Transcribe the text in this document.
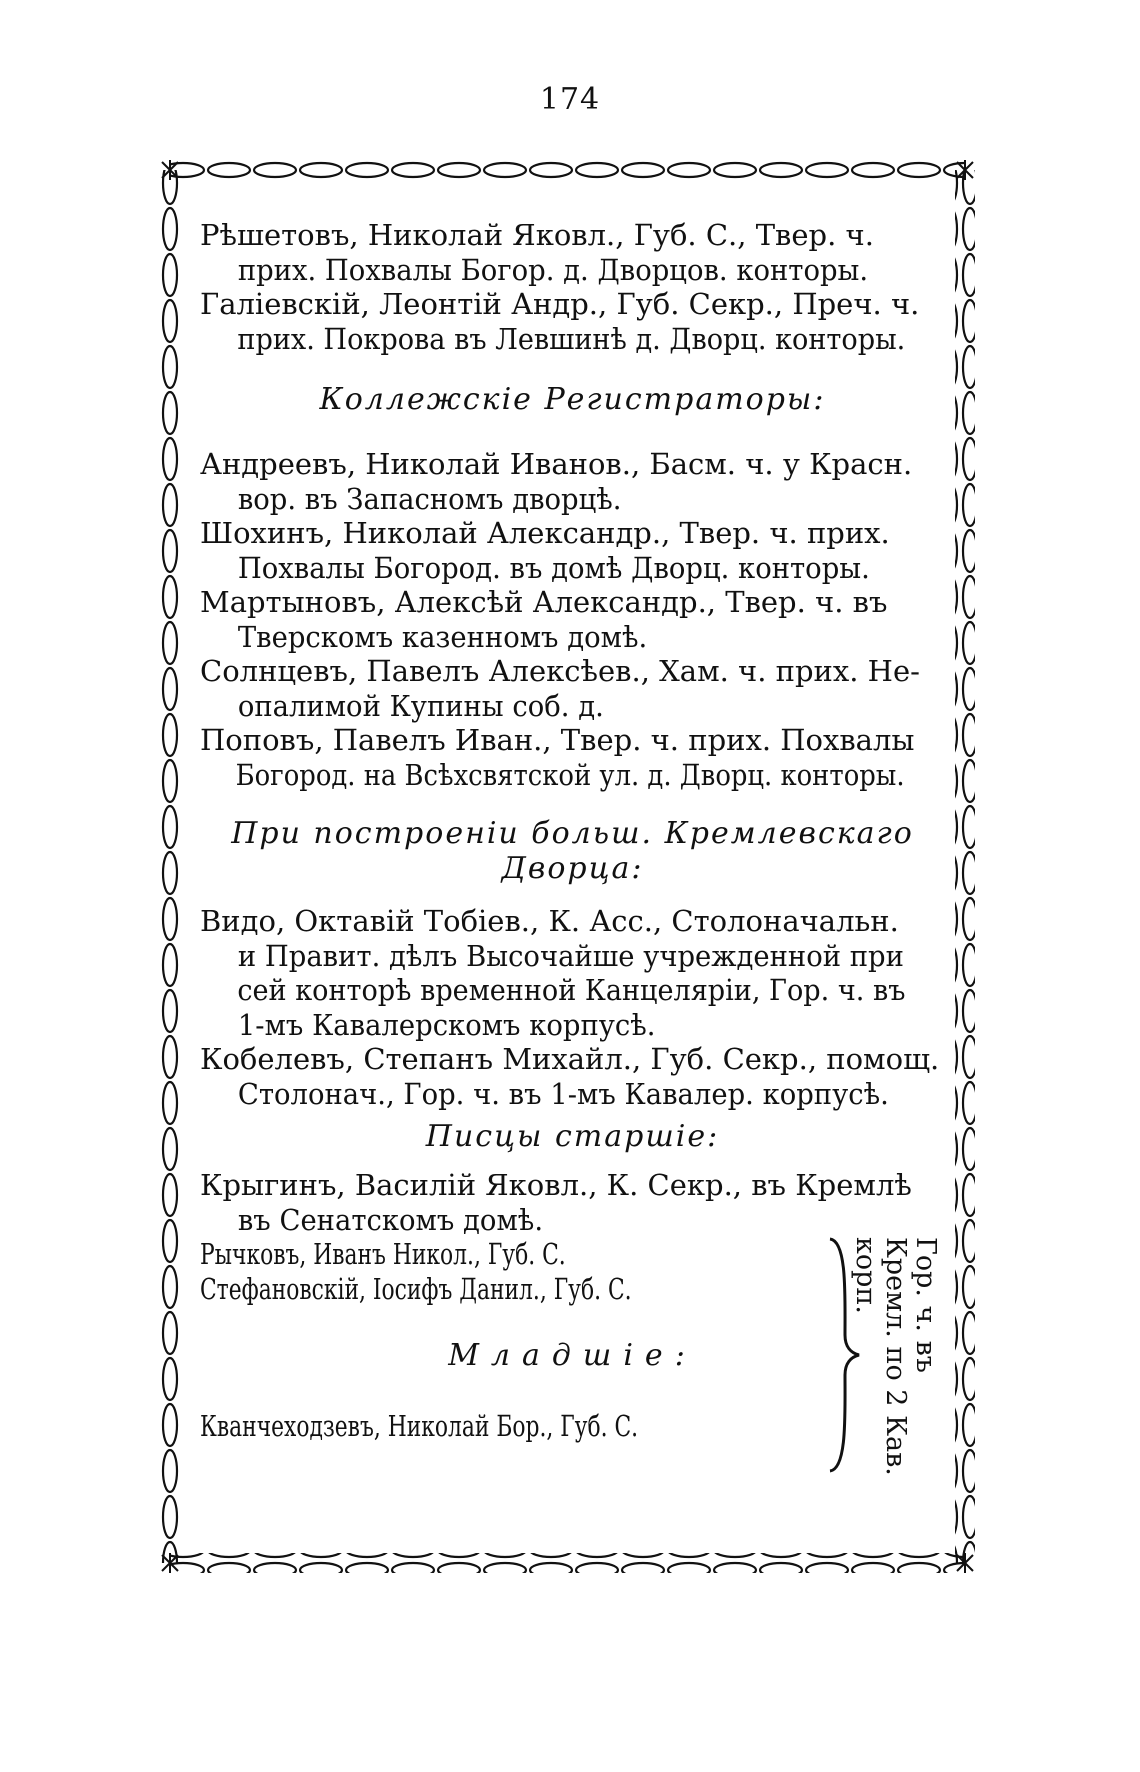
174
Рѣшетовъ, Николай Яковл., Губ. С., Твер. ч.
прих. Похвалы Богор. д. Дворцов. конторы.
Галіевскій, Леонтій Андр., Губ. Секр., Преч. ч.
прих. Покрова въ Левшинѣ д. Дворц. конторы.
Коллежскіе Регистраторы:
Андреевъ, Николай Иванов., Басм. ч. у Красн.
вор. въ Запасномъ дворцѣ.
Шохинъ, Николай Александр., Твер. ч. прих.
Похвалы Богород. въ домѣ Дворц. конторы.
Мартыновъ, Алексѣй Александр., Твер. ч. въ
Тверскомъ казенномъ домѣ.
Солнцевъ, Павелъ Алексѣев., Хам. ч. прих. Не-
опалимой Купины соб. д.
Поповъ, Павелъ Иван., Твер. ч. прих. Похвалы
Богород. на Всѣхсвятской ул. д. Дворц. конторы.
При построеніи больш. Кремлевскаго Дворца:
Видо, Октавій Тобіев., К. Асс., Столоначальн.
и Правит. дѣлъ Высочайше учрежденной при
сей конторѣ временной Канцеляріи, Гор. ч. въ
1-мъ Кавалерскомъ корпусѣ.
Кобелевъ, Степанъ Михайл., Губ. Секр., помощ.
Столонач., Гор. ч. въ 1-мъ Кавалер. корпусѣ.
Писцы старшіе:
Крыгинъ, Василій Яковл., К. Секр., въ Кремлѣ
въ Сенатскомъ домѣ.
Рычковъ, Иванъ Никол., Губ. С.
Стефановскій, Іосифъ Данил., Губ. С.
Младшіе:
Кванчеходзевъ, Николай Бор., Губ. С.
Гор. ч. въ Кремл. по 2 Кав. корп.
